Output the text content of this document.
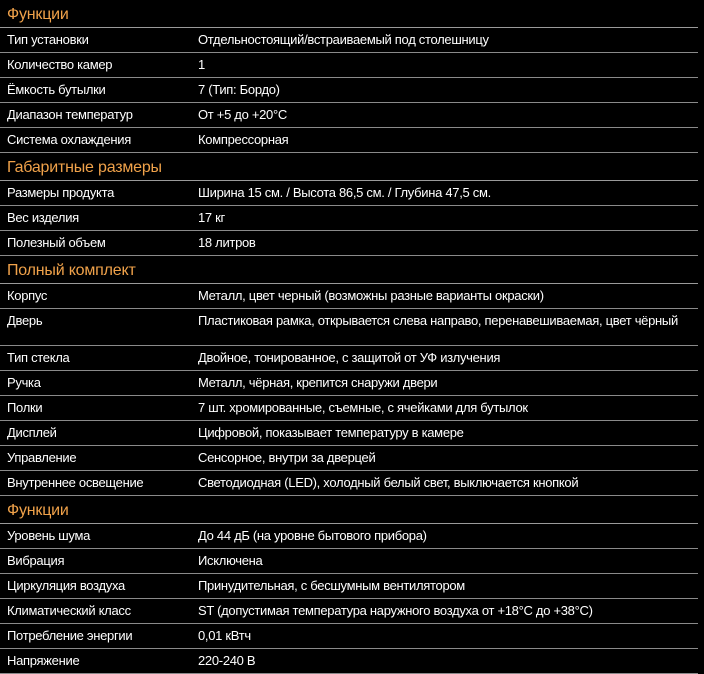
Функции
Тип установки	Отдельностоящий/встраиваемый под столешницу
Количество камер	1
Ёмкость бутылки	7 (Тип: Бордо)
Диапазон температур	От +5 до +20°C
Система охлаждения	Компрессорная
Габаритные размеры
Размеры продукта	Ширина 15 см. / Высота 86,5 см. / Глубина 47,5 см.
Вес изделия	17 кг
Полезный объем	18 литров
Полный комплект
Корпус	Металл, цвет черный (возможны разные варианты окраски)
Дверь	Пластиковая рамка, открывается слева направо, перенавешиваемая, цвет чёрный
Тип стекла	Двойное, тонированное, с защитой от УФ излучения
Ручка	Металл, чёрная, крепится снаружи двери
Полки	7 шт. хромированные, съемные, с ячейками для бутылок
Дисплей	Цифровой, показывает температуру в камере
Управление	Сенсорное, внутри за дверцей
Внутреннее освещение	Светодиодная (LED), холодный белый свет, выключается кнопкой
Функции
Уровень шума	До 44 дБ (на уровне бытового прибора)
Вибрация	Исключена
Циркуляция воздуха	Принудительная, с бесшумным вентилятором
Климатический класс	ST (допустимая температура наружного воздуха от +18°C до +38°C)
Потребление энергии	0,01 кВтч
Напряжение	220-240 В
